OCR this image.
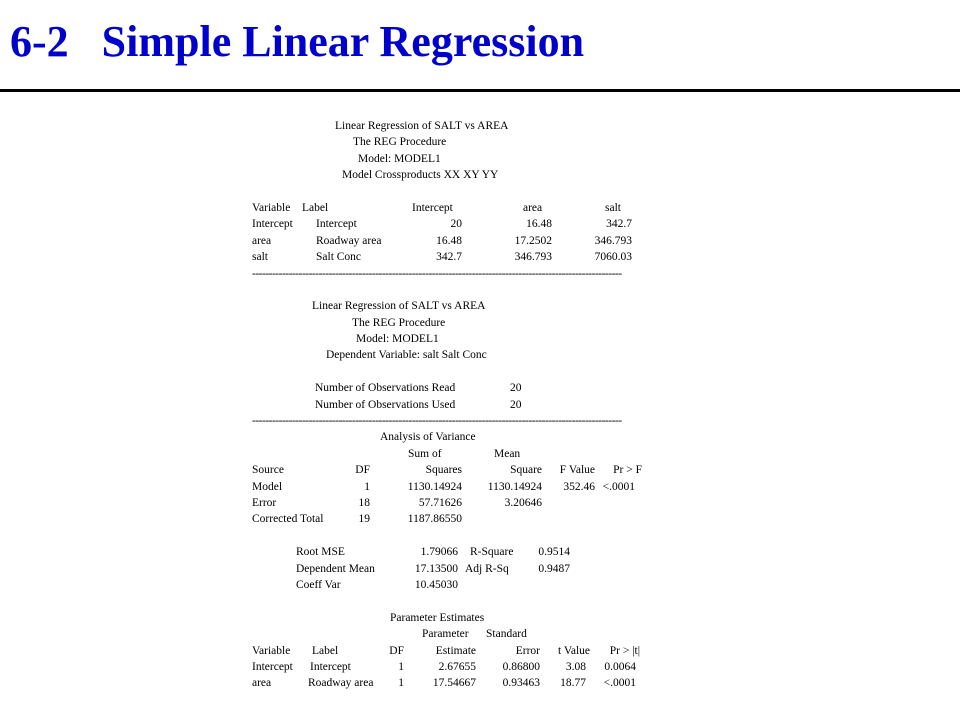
6-2   Simple Linear Regression
Linear Regression of SALT vs AREA
The REG Procedure
Model: MODEL1
Model Crossproducts XX XY YY
Variable Label	Intercept	area	salt
Intercept Intercept	20	16.48	342.7
area	Roadway area	16.48	17.2502	346.793
salt	Salt Conc	342.7	346.793	7060.03
---------------------------------------------------------------------------------------------------------------
Linear Regression of SALT vs AREA
The REG Procedure
Model: MODEL1
Dependent Variable: salt Salt Conc
Number of Observations Read	20
Number of Observations Used	20
---------------------------------------------------------------------------------------------------------------
Analysis of Variance
Sum of	Mean
Source	DF	Squares	Square	F Value	Pr > F
Model	1	1130.14924	1130.14924	352.46 <.0001
Error	18	57.71626	3.20646
Corrected Total	19	1187.86550
Root MSE	1.79066 R-Square	0.9514
Dependent Mean	17.13500 Adj R-Sq	0.9487
Coeff Var	10.45030
Parameter Estimates
Parameter Standard
Variable Label	DF	Estimate	Error	t Value	Pr > |t|
Intercept Intercept	1	2.67655	0.86800	3.08	0.0064
area	Roadway area	1	17.54667	0.93463	18.77	<.0001
